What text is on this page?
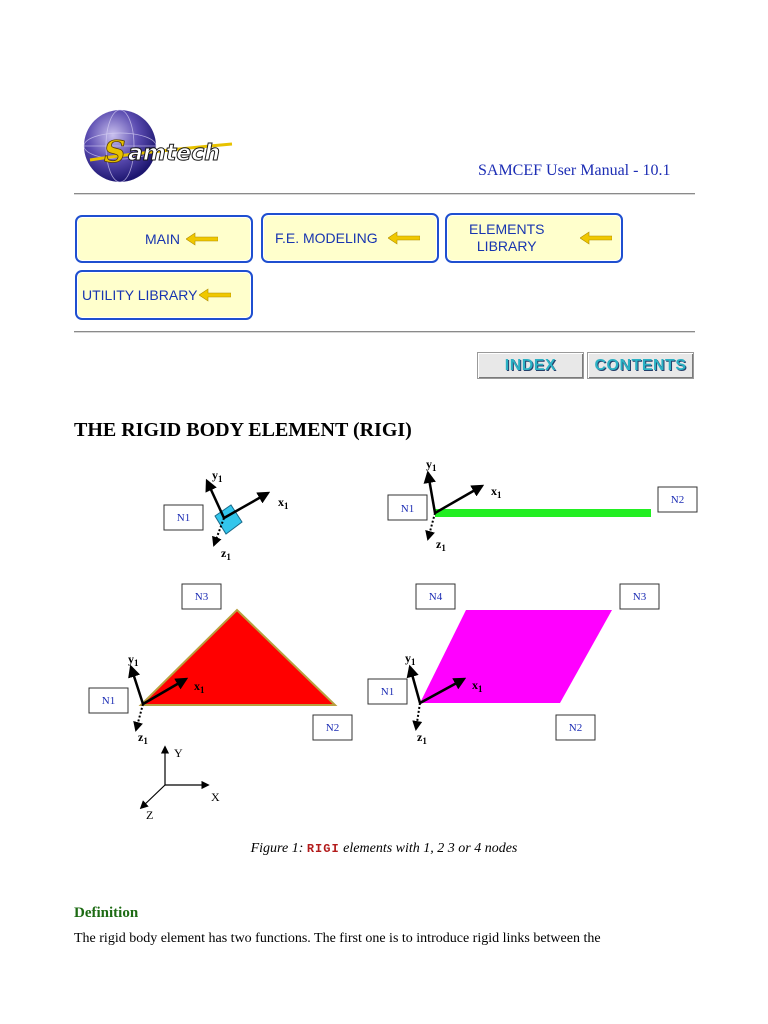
S amtech
SAMCEF User Manual - 10.1
MAIN	F.E. MODELING
ELEMENTS
LIBRARY
UTILITY LIBRARY
INDEX	CONTENTS
THE RIGID BODY ELEMENT (RIGI)
$y_1$
$x_1$
$z_1$
N1
$y_1$
$x_1$
$z_1$
N1
N2
$y_1$
$x_1$
$z_1$
N3
N1
N2
Y
X
Z
$y_1$
$x_1$
$z_1$
N4	N3
N1
N2
Figure 1: RIGI elements with 1, 2 3 or 4 nodes
Definition

The rigid body element has two functions. The first one is to introduce rigid links between the
